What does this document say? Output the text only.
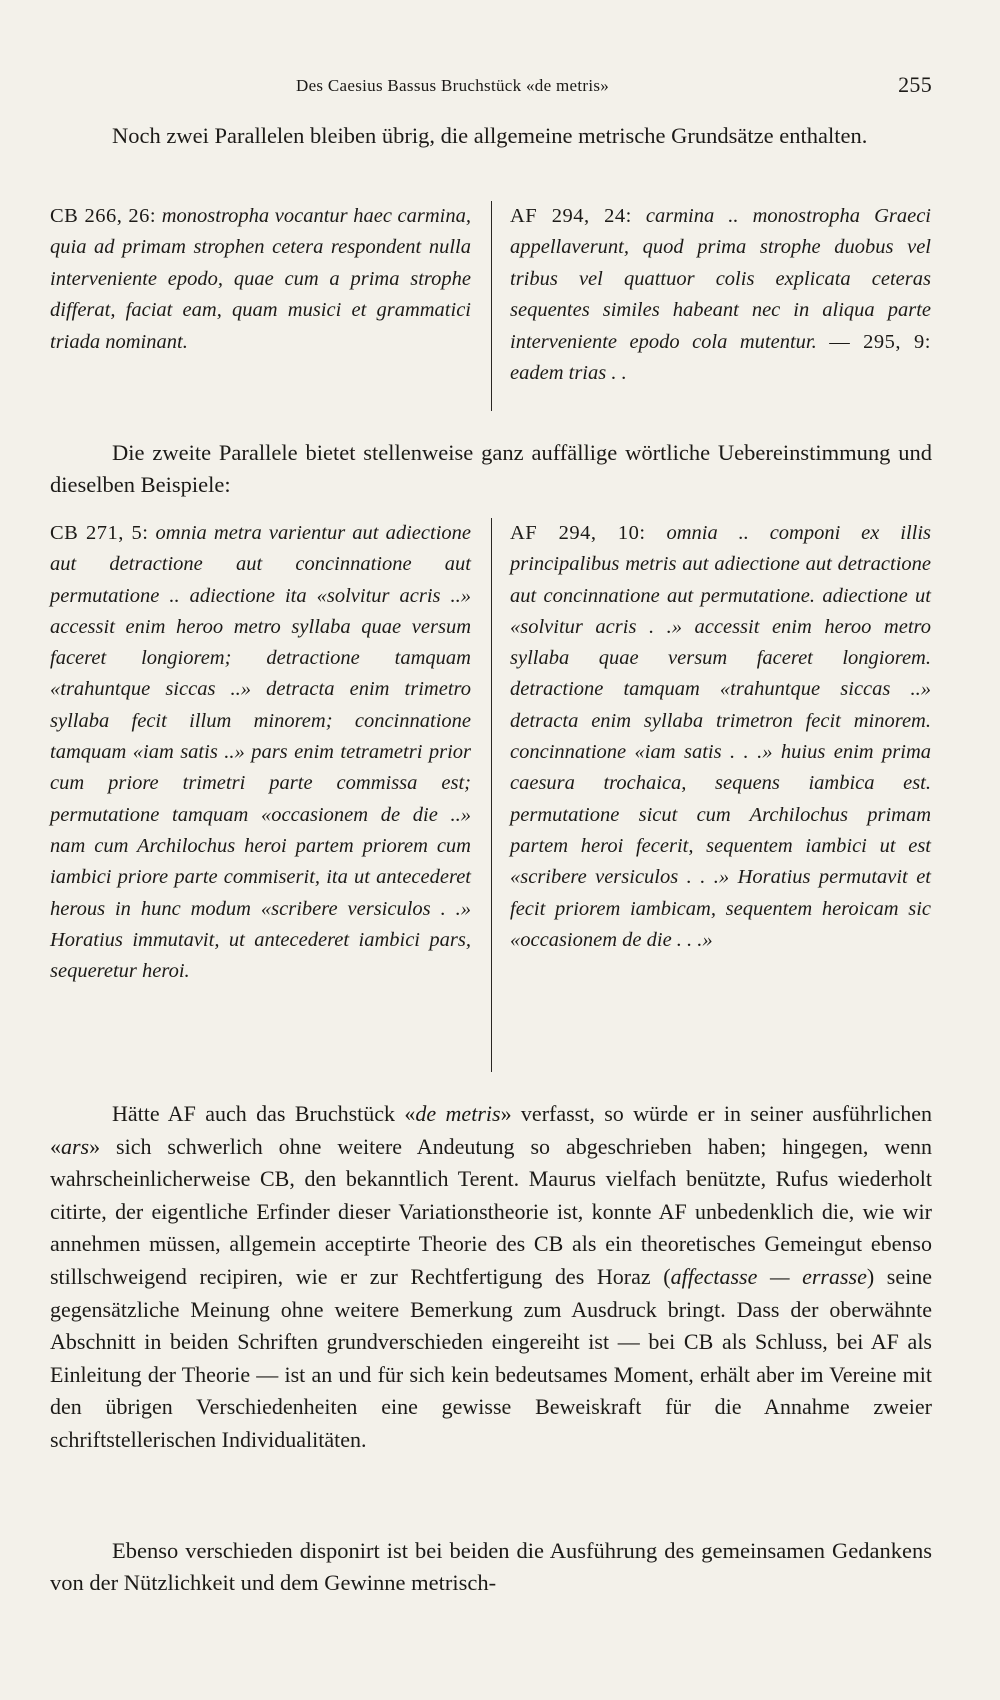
Des Caesius Bassus Bruchstück «de metris»	255

Noch zwei Parallelen bleiben übrig, die allgemeine metrische Grundsätze enthalten.

CB 266, 26: monostropha vocantur haec carmina, quia ad primam strophen cetera respondent nulla interveniente epodo, quae cum a prima strophe differat, faciat eam, quam musici et grammatici triada nominant.

AF 294, 24: carmina .. monostropha Graeci appellaverunt, quod prima strophe duobus vel tribus vel quattuor colis explicata ceteras sequentes similes habeant nec in aliqua parte interveniente epodo cola mutentur. — 295, 9: eadem trias . .

Die zweite Parallele bietet stellenweise ganz auffällige wörtliche Uebereinstimmung und dieselben Beispiele:

CB 271, 5: omnia metra varientur aut adiectione aut detractione aut concinnatione aut permutatione .. adiectione ita «solvitur acris ..» accessit enim heroo metro syllaba quae versum faceret longiorem; detractione tamquam «trahuntque siccas ..» detracta enim trimetro syllaba fecit illum minorem; concinnatione tamquam «iam satis ..» pars enim tetrametri prior cum priore trimetri parte commissa est; permutatione tamquam «occasionem de die ..» nam cum Archilochus heroi partem priorem cum iambici priore parte commiserit, ita ut antecederet herous in hunc modum «scribere versiculos . .» Horatius immutavit, ut antecederet iambici pars, sequeretur heroi.

AF 294, 10: omnia .. componi ex illis principalibus metris aut adiectione aut detractione aut concinnatione aut permutatione. adiectione ut «solvitur acris . .» accessit enim heroo metro syllaba quae versum faceret longiorem. detractione tamquam «trahuntque siccas ..» detracta enim syllaba trimetron fecit minorem. concinnatione «iam satis . . .» huius enim prima caesura trochaica, sequens iambica est. permutatione sicut cum Archilochus primam partem heroi fecerit, sequentem iambici ut est «scribere versiculos . . .» Horatius permutavit et fecit priorem iambicam, sequentem heroicam sic «occasionem de die . . .»

Hätte AF auch das Bruchstück «de metris» verfasst, so würde er in seiner ausführlichen «ars» sich schwerlich ohne weitere Andeutung so abgeschrieben haben; hingegen, wenn wahrscheinlicherweise CB, den bekanntlich Terent. Maurus vielfach benützte, Rufus wiederholt citirte, der eigentliche Erfinder dieser Variationstheorie ist, konnte AF unbedenklich die, wie wir annehmen müssen, allgemein acceptirte Theorie des CB als ein theoretisches Gemeingut ebenso stillschweigend recipiren, wie er zur Rechtfertigung des Horaz (affectasse — errasse) seine gegensätzliche Meinung ohne weitere Bemerkung zum Ausdruck bringt. Dass der oberwähnte Abschnitt in beiden Schriften grundverschieden eingereiht ist — bei CB als Schluss, bei AF als Einleitung der Theorie — ist an und für sich kein bedeutsames Moment, erhält aber im Vereine mit den übrigen Verschiedenheiten eine gewisse Beweiskraft für die Annahme zweier schriftstellerischen Individualitäten.

Ebenso verschieden disponirt ist bei beiden die Ausführung des gemeinsamen Gedankens von der Nützlichkeit und dem Gewinne metrisch-
